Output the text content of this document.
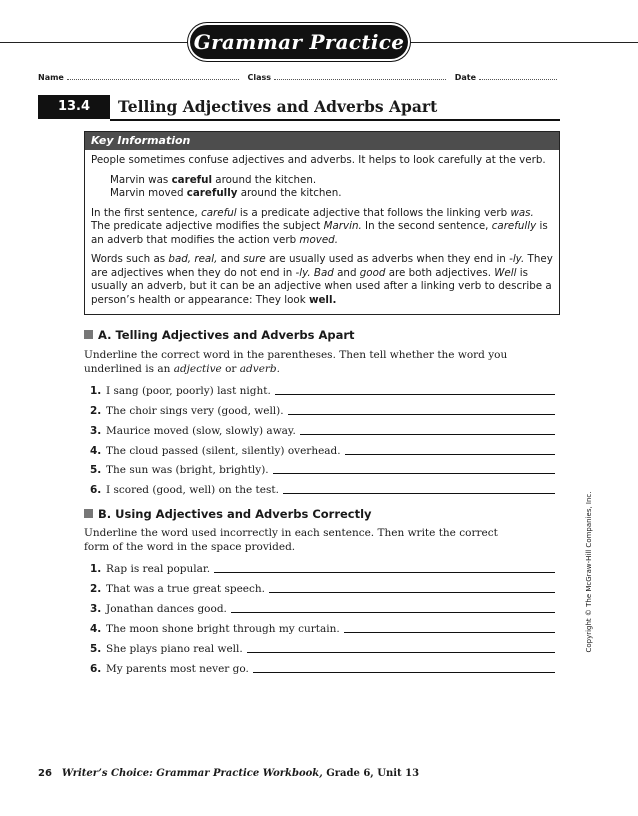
Grammar Practice
Name	Class	Date
13.4	Telling Adjectives and Adverbs Apart
Key Information

People sometimes confuse adjectives and adverbs. It helps to look carefully at the verb.

Marvin was careful around the kitchen.
Marvin moved carefully around the kitchen.

In the first sentence, careful is a predicate adjective that follows the linking verb was. The predicate adjective modifies the subject Marvin. In the second sentence, carefully is an adverb that modifies the action verb moved.

Words such as bad, real, and sure are usually used as adverbs when they end in -ly. They are adjectives when they do not end in -ly. Bad and good are both adjectives. Well is usually an adverb, but it can be an adjective when used after a linking verb to describe a person’s health or appearance: They look well.

A. Telling Adjectives and Adverbs Apart
Underline the correct word in the parentheses. Then tell whether the word you underlined is an adjective or adverb.
1. I sang (poor, poorly) last night.
2. The choir sings very (good, well).
3. Maurice moved (slow, slowly) away.
4. The cloud passed (silent, silently) overhead.
5. The sun was (bright, brightly).
6. I scored (good, well) on the test.
B. Using Adjectives and Adverbs Correctly
Underline the word used incorrectly in each sentence. Then write the correct form of the word in the space provided.
1. Rap is real popular.
2. That was a true great speech.
3. Jonathan dances good.
4. The moon shone bright through my curtain.
5. She plays piano real well.
6. My parents most never go.
Copyright © The McGraw-Hill Companies, Inc.
26 Writer’s Choice: Grammar Practice Workbook, Grade 6, Unit 13
